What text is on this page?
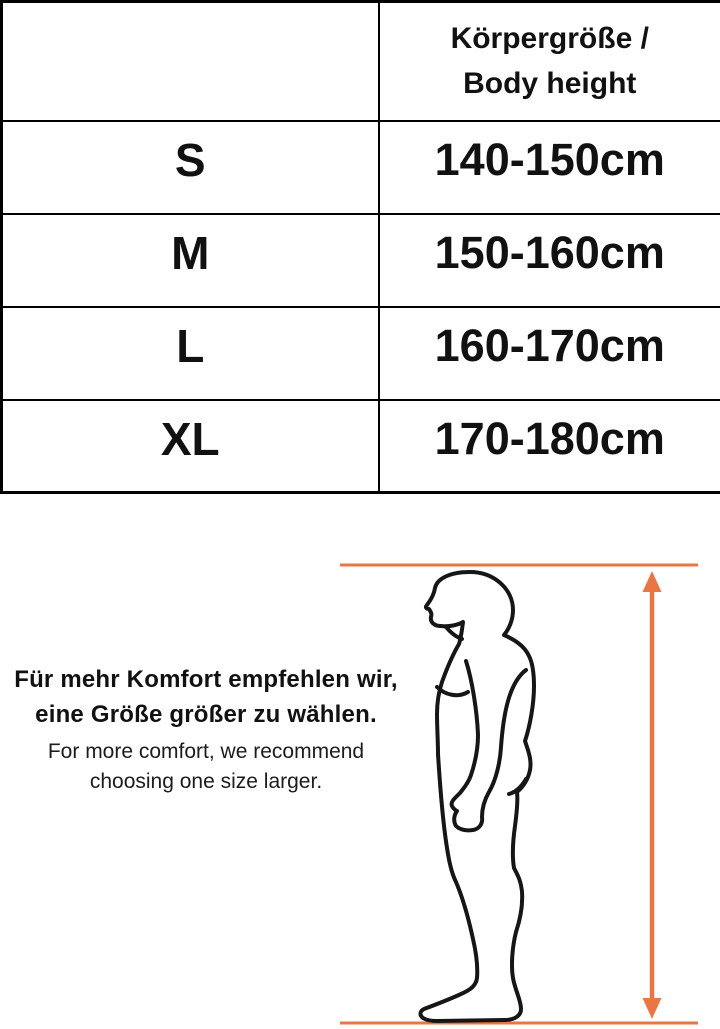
	Körpergröße /
Body height

S	140-150cm
M	150-160cm
L	160-170cm
XL	170-180cm
Für mehr Komfort empfehlen wir,
eine Größe größer zu wählen.
For more comfort, we recommend
choosing one size larger.
